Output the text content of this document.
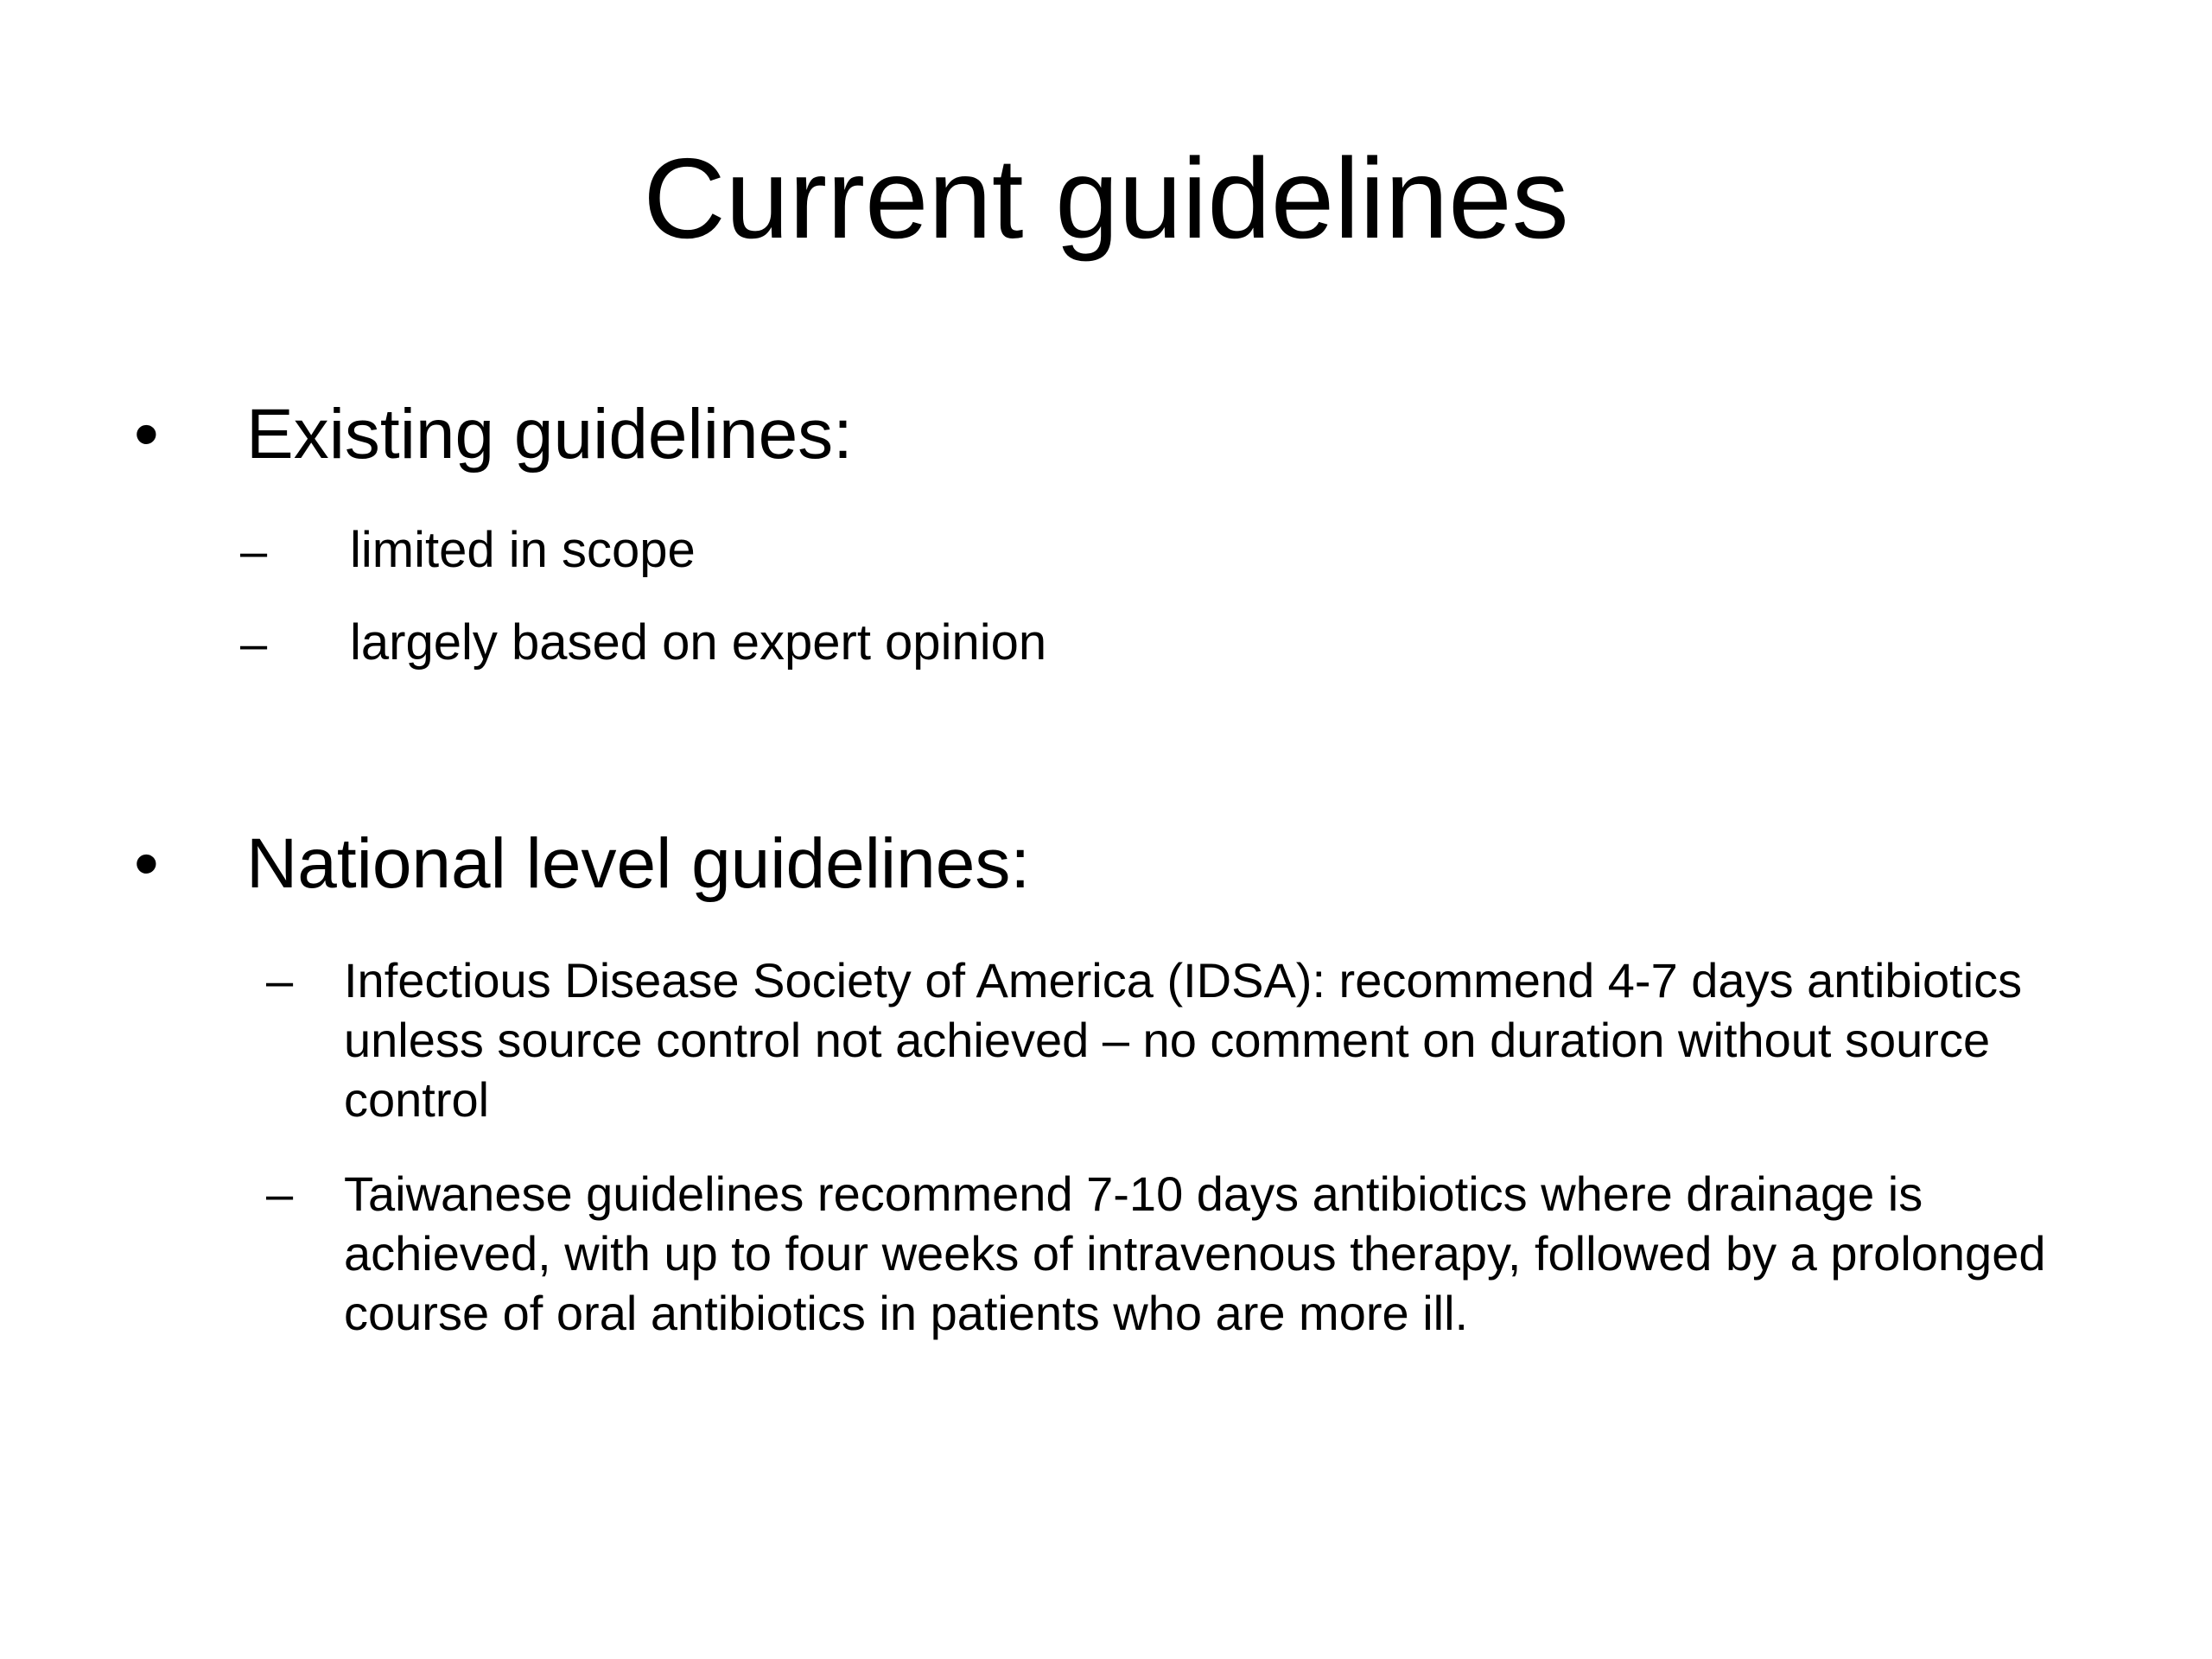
Current guidelines
• Existing guidelines:
– limited in scope
– largely based on expert opinion
• National level guidelines:
– Infectious Disease Society of America (IDSA): recommend 4-7 days antibiotics unless source control not achieved – no comment on duration without source control
– Taiwanese guidelines recommend 7-10 days antibiotics where drainage is achieved, with up to four weeks of intravenous therapy, followed by a prolonged course of oral antibiotics in patients who are more ill.
